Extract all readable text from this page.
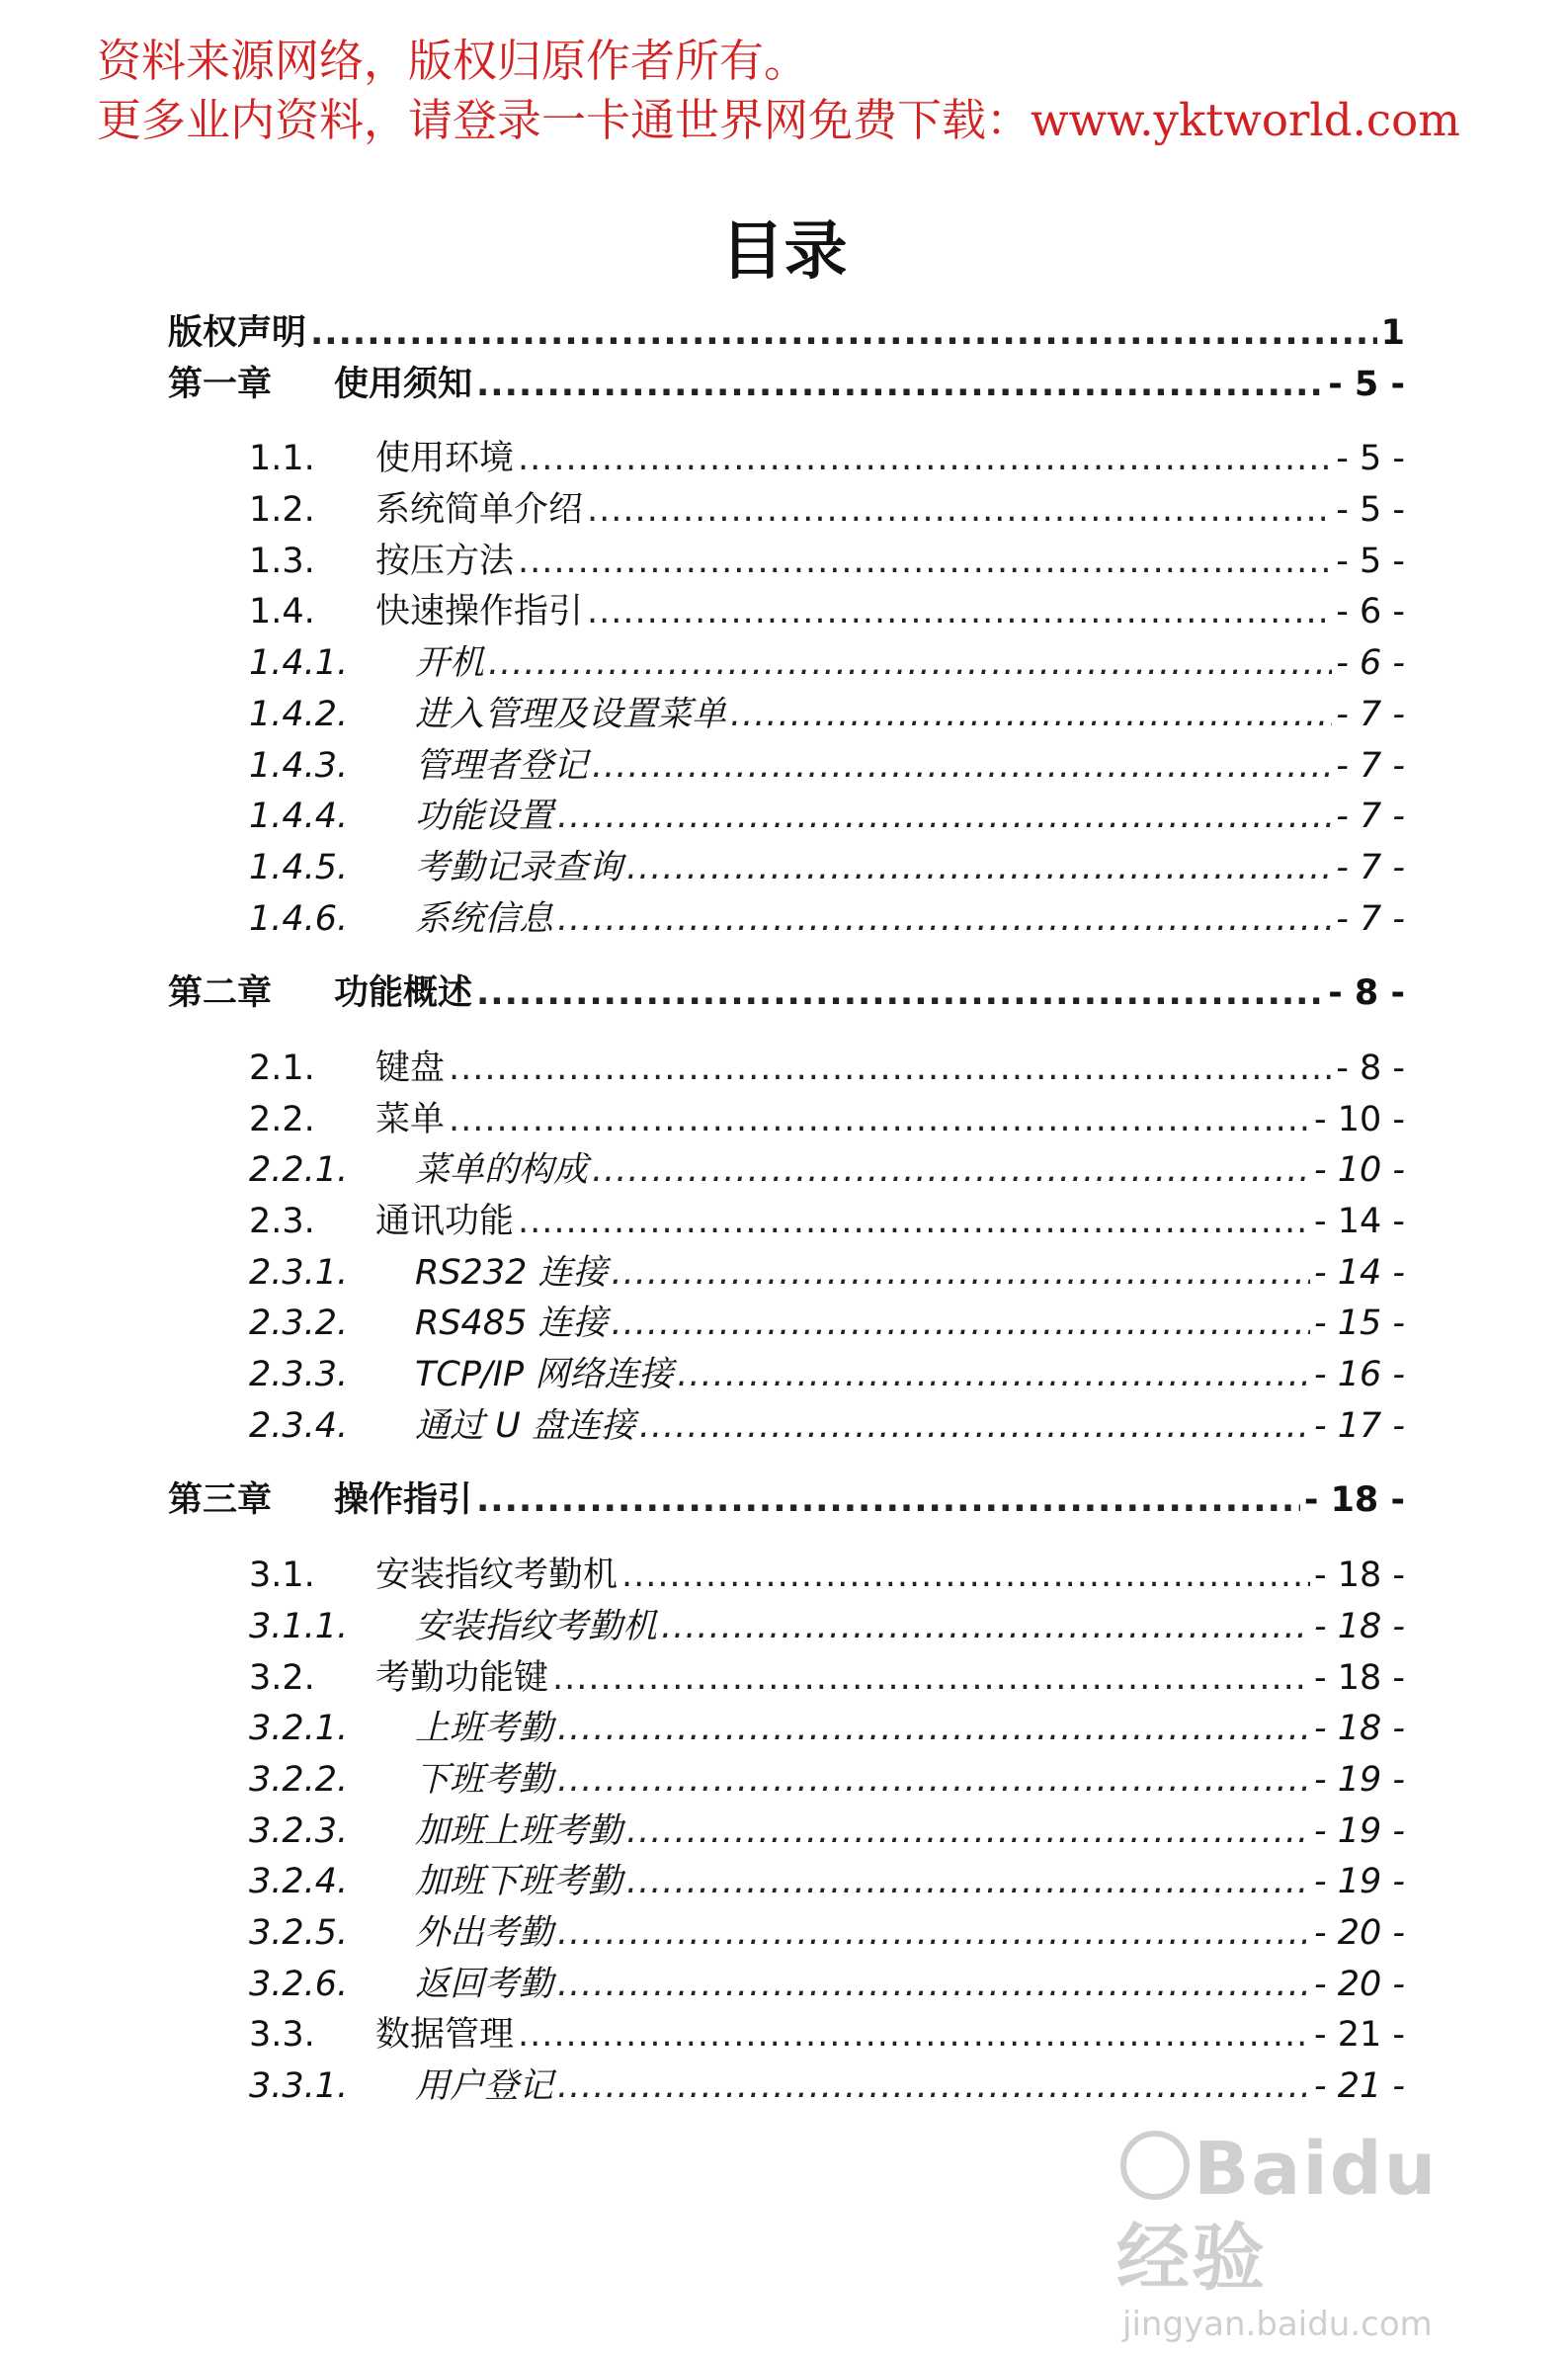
资料来源网络，版权归原作者所有。
更多业内资料，请登录一卡通世界网免费下载：www.yktworld.com
目录
版权声明 .....	1
第一章	使用须知 .....	- 5 -
1.1.	使用环境 .....	- 5 -
1.2.	系统简单介绍 .....	- 5 -
1.3.	按压方法 .....	- 5 -
1.4.	快速操作指引 .....	- 6 -
1.4.1.	开机 .....	- 6 -
1.4.2.	进入管理及设置菜单 .....	- 7 -
1.4.3.	管理者登记 .....	- 7 -
1.4.4.	功能设置 .....	- 7 -
1.4.5.	考勤记录查询 .....	- 7 -
1.4.6.	系统信息 .....	- 7 -
第二章	功能概述 .....	- 8 -
2.1.	键盘 .....	- 8 -
2.2.	菜单 .....	- 10 -
2.2.1.	菜单的构成 .....	- 10 -
2.3.	通讯功能 .....	- 14 -
2.3.1.	RS232 连接 .....	- 14 -
2.3.2.	RS485 连接 .....	- 15 -
2.3.3.	TCP/IP 网络连接 .....	- 16 -
2.3.4.	通过 U 盘连接 .....	- 17 -
第三章	操作指引 .....	- 18 -
3.1.	安装指纹考勤机 .....	- 18 -
3.1.1.	安装指纹考勤机 .....	- 18 -
3.2.	考勤功能键 .....	- 18 -
3.2.1.	上班考勤 .....	- 18 -
3.2.2.	下班考勤 .....	- 19 -
3.2.3.	加班上班考勤 .....	- 19 -
3.2.4.	加班下班考勤 .....	- 19 -
3.2.5.	外出考勤 .....	- 20 -
3.2.6.	返回考勤 .....	- 20 -
3.3.	数据管理 .....	- 21 -
3.3.1.	用户登记 .....	- 21 -
Baidu经验
jingyan.baidu.com
